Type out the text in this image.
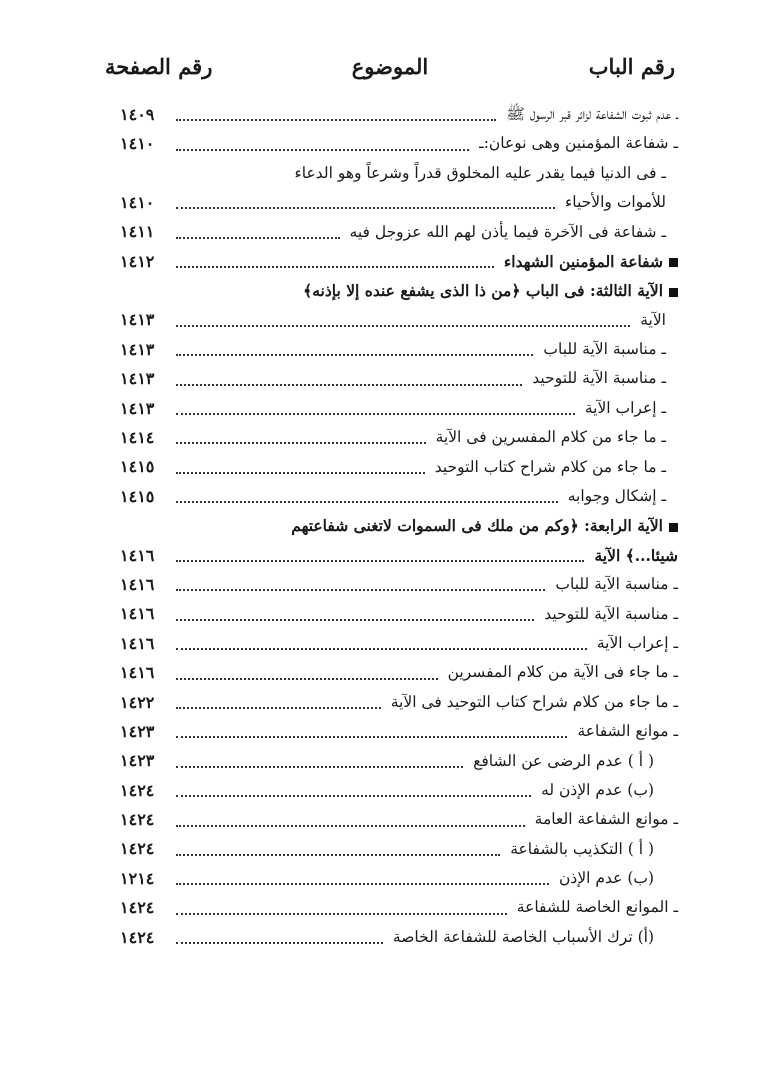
رقم الباب
الموضوع
رقم الصفحة
ـ عدم ثبوت الشفاعة لزائر قبر الرسول ﷺ
١٤٠٩
ـ شفاعة المؤمنين وهى نوعان:ـ
١٤١٠
ـ فى الدنيا فيما يقدر عليه المخلوق قدراً وشرعاً وهو الدعاء
للأموات والأحياء
١٤١٠
ـ شفاعة فى الآخرة فيما يأذن لهم الله عزوجل فيه
١٤١١
شفاعة المؤمنين الشهداء
١٤١٢
الآية الثالثة: فى الباب ﴿من ذا الذى يشفع عنده إلا بإذنه﴾
الآية
١٤١٣
ـ مناسبة الآية للباب
١٤١٣
ـ مناسبة الآية للتوحيد
١٤١٣
ـ إعراب الآية
١٤١٣
ـ ما جاء من كلام المفسرين فى الآية
١٤١٤
ـ ما جاء من كلام شراح كتاب التوحيد
١٤١٥
ـ إشكال وجوابه
١٤١٥
الآية الرابعة: ﴿وكم من ملك فى السموات لاتغنى شفاعتهم
شيئا...﴾ الآية
١٤١٦
ـ مناسبة الآية للباب
١٤١٦
ـ مناسبة الآية للتوحيد
١٤١٦
ـ إعراب الآية
١٤١٦
ـ ما جاء فى الآية من كلام المفسرين
١٤١٦
ـ ما جاء من كلام شراح كتاب التوحيد فى الآية
١٤٢٢
ـ موانع الشفاعة
١٤٢٣
( أ ) عدم الرضى عن الشافع
١٤٢٣
(ب) عدم الإذن له
١٤٢٤
ـ موانع الشفاعة العامة
١٤٢٤
( أ ) التكذيب بالشفاعة
١٤٢٤
(ب) عدم الإذن
١٢١٤
ـ الموانع الخاصة للشفاعة
١٤٢٤
(أ) ترك الأسباب الخاصة للشفاعة الخاصة
١٤٢٤
